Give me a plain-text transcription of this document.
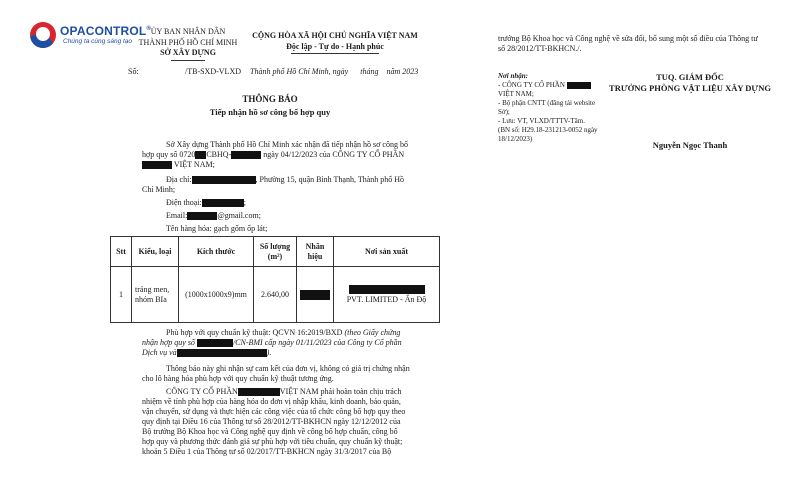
OPACONTROL®
Chúng ta cùng sáng tạo
ỦY BAN NHÂN DÂN
THÀNH PHỐ HỒ CHÍ MINH
SỞ XÂY DỰNG
Số:	/TB-SXD-VLXD
CỘNG HÒA XÃ HỘI CHỦ NGHĨA VIỆT NAM
Độc lập - Tự do - Hạnh phúc
Thành phố Hồ Chí Minh, ngày      tháng    năm 2023
THÔNG BÁO
Tiếp nhận hồ sơ công bố hợp quy
Sở Xây dựng Thành phố Hồ Chí Minh xác nhận đã tiếp nhận hồ sơ công bố
hợp quy số 0720 CBHQ-	ngày 04/12/2023 của CÔNG TY CỔ PHẦN
VIỆT NAM;
Địa chỉ:	, Phường 15, quận Bình Thạnh, Thành phố Hồ
Chí Minh;
Điện thoại:	;
Email:	@gmail.com;
Tên hàng hóa: gạch gốm ốp lát;
Stt	Kiểu, loại	Kích thước	Số lượng (m²)	Nhãn hiệu	Nơi sản xuất
1	tráng men, nhóm BIa	(1000x1000x9)mm	2.640,00		PVT. LIMITED - Ấn Độ
Phù hợp với quy chuẩn kỹ thuật: QCVN 16:2019/BXD (theo Giấy chứng
nhận hợp quy số	/CN-BMI cấp ngày 01/11/2023 của Công ty Cổ phần
Dịch vụ và	).
Thông báo này ghi nhận sự cam kết của đơn vị, không có giá trị chứng nhận
cho lô hàng hóa phù hợp với quy chuẩn kỹ thuật tương ứng.
CÔNG TY CỔ PHẦN	VIỆT NAM phải hoàn toàn chịu trách
nhiệm về tính phù hợp của hàng hóa do đơn vị nhập khẩu, kinh doanh, bảo quản,
vận chuyển, sử dụng và thực hiện các công việc của tổ chức công bố hợp quy theo
quy định tại Điều 16 của Thông tư số 28/2012/TT-BKHCN ngày 12/12/2012 của
Bộ trưởng Bộ Khoa học và Công nghệ quy định về công bố hợp chuẩn, công bố
hợp quy và phương thức đánh giá sự phù hợp với tiêu chuẩn, quy chuẩn kỹ thuật;
khoản 5 Điều 1 của Thông tư số 02/2017/TT-BKHCN ngày 31/3/2017 của Bộ
trưởng Bộ Khoa học và Công nghệ về sửa đổi, bổ sung một số điều của Thông tư
số 28/2012/TT-BKHCN./.
Nơi nhận:
- CÔNG TY CỔ PHẦN
VIỆT NAM;
- Bộ phận CNTT (đăng tải website
Sở);
- Lưu: VT, VLXD/TTTV-Tâm.
(BN số: H29.18-231213-0052 ngày
18/12/2023)
TUQ. GIÁM ĐỐC
TRƯỞNG PHÒNG VẬT LIỆU XÂY DỰNG
Nguyễn Ngọc Thanh
